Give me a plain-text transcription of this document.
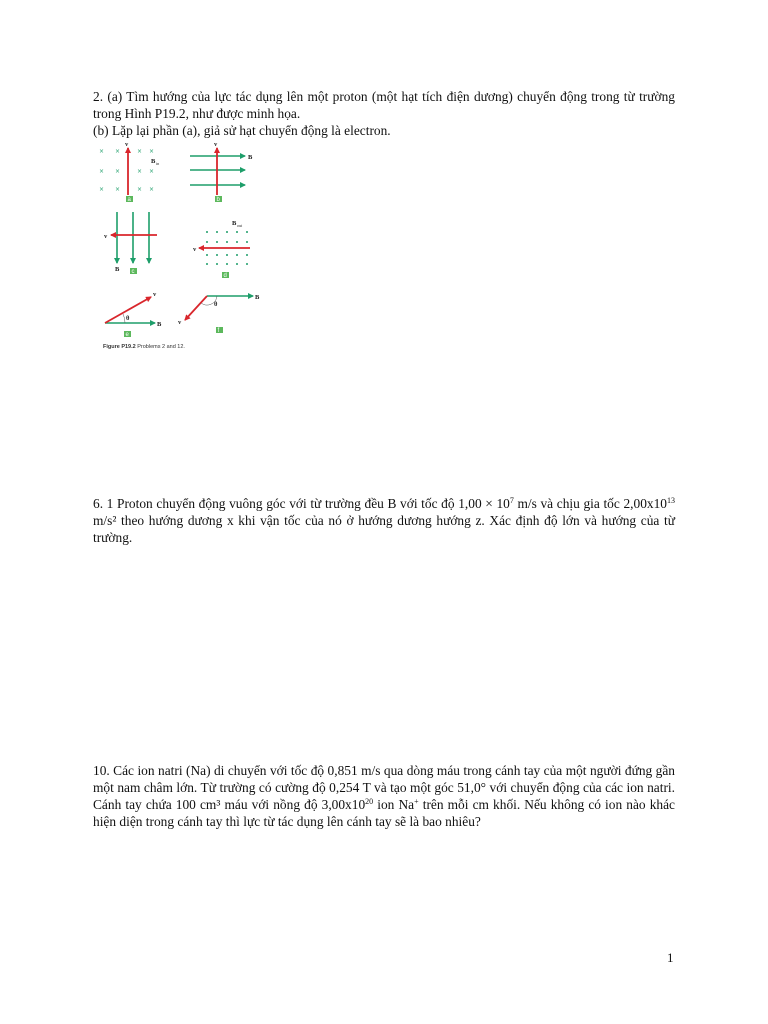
2. (a) Tìm hướng của lực tác dụng lên một proton (một hạt tích điện dương) chuyển động trong từ trường trong Hình P19.2, như được minh họa.

(b) Lặp lại phần (a), giả sử hạt chuyển động là electron.

× ×	× ×
× ×	× ×
× ×	× ×
v
B in
a
v
B
b
v
B c
v
B out
d
θ
v
B
e
θ
v
B
f
Figure P19.2 Problems 2 and 12.

6. 1 Proton chuyển động vuông góc với từ trường đều B với tốc độ $1,00 \times 10^7$ m/s và chịu gia tốc $2,00x10^{13}$ m/s² theo hướng dương x khi vận tốc của nó ở hướng dương hướng z. Xác định độ lớn và hướng của từ trường.

10. Các ion natri (Na) di chuyển với tốc độ 0,851 m/s qua dòng máu trong cánh tay của một người đứng gần một nam châm lớn. Từ trường có cường độ 0,254 T và tạo một góc 51,0° với chuyển động của các ion natri. Cánh tay chứa 100 cm³ máu với nồng độ $3,00x10^{20}$ ion Na+ trên mỗi cm khối. Nếu không có ion nào khác hiện diện trong cánh tay thì lực từ tác dụng lên cánh tay sẽ là bao nhiêu?

1
